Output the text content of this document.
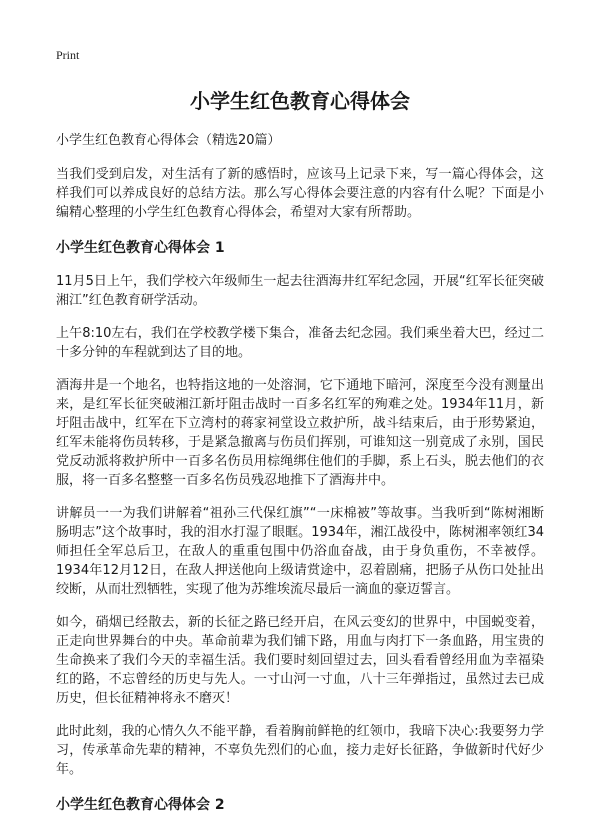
Print
小学生红色教育心得体会

小学生红色教育心得体会（精选20篇）

当我们受到启发，对生活有了新的感悟时，应该马上记录下来，写一篇心得体会，这样我们可以养成良好的总结方法。那么写心得体会要注意的内容有什么呢？下面是小编精心整理的小学生红色教育心得体会，希望对大家有所帮助。

小学生红色教育心得体会 1

11月5日上午，我们学校六年级师生一起去往酒海井红军纪念园，开展“红军长征突破湘江”红色教育研学活动。

上午8:10左右，我们在学校教学楼下集合，准备去纪念园。我们乘坐着大巴，经过二十多分钟的车程就到达了目的地。

酒海井是一个地名，也特指这地的一处溶洞，它下通地下暗河，深度至今没有测量出来，是红军长征突破湘江新圩阻击战时一百多名红军的殉难之处。1934年11月，新圩阻击战中，红军在下立湾村的蒋家祠堂设立救护所，战斗结束后，由于形势紧迫，红军未能将伤员转移，于是紧急撤离与伤员们挥别，可谁知这一别竟成了永别，国民党反动派将救护所中一百多名伤员用棕绳绑住他们的手脚，系上石头，脱去他们的衣服，将一百多名整整一百多名伤员残忍地推下了酒海井中。

讲解员一一为我们讲解着“祖孙三代保红旗”“一床棉被”等故事。当我听到“陈树湘断肠明志”这个故事时，我的泪水打湿了眼眶。1934年，湘江战役中，陈树湘率领红34师担任全军总后卫，在敌人的重重包围中仍浴血奋战，由于身负重伤，不幸被俘。1934年12月12日，在敌人押送他向上级请赏途中，忍着剧痛，把肠子从伤口处扯出绞断，从而壮烈牺牲，实现了他为苏维埃流尽最后一滴血的豪迈誓言。

如今，硝烟已经散去，新的长征之路已经开启，在风云变幻的世界中，中国蜕变着，正走向世界舞台的中央。革命前辈为我们铺下路，用血与肉打下一条血路，用宝贵的生命换来了我们今天的幸福生活。我们要时刻回望过去，回头看看曾经用血为幸福染红的路，不忘曾经的历史与先人。一寸山河一寸血，八十三年弹指过，虽然过去已成历史，但长征精神将永不磨灭！

此时此刻，我的心情久久不能平静，看着胸前鲜艳的红领巾，我暗下决心:我要努力学习，传承革命先辈的精神，不辜负先烈们的心血，接力走好长征路，争做新时代好少年。

小学生红色教育心得体会 2
